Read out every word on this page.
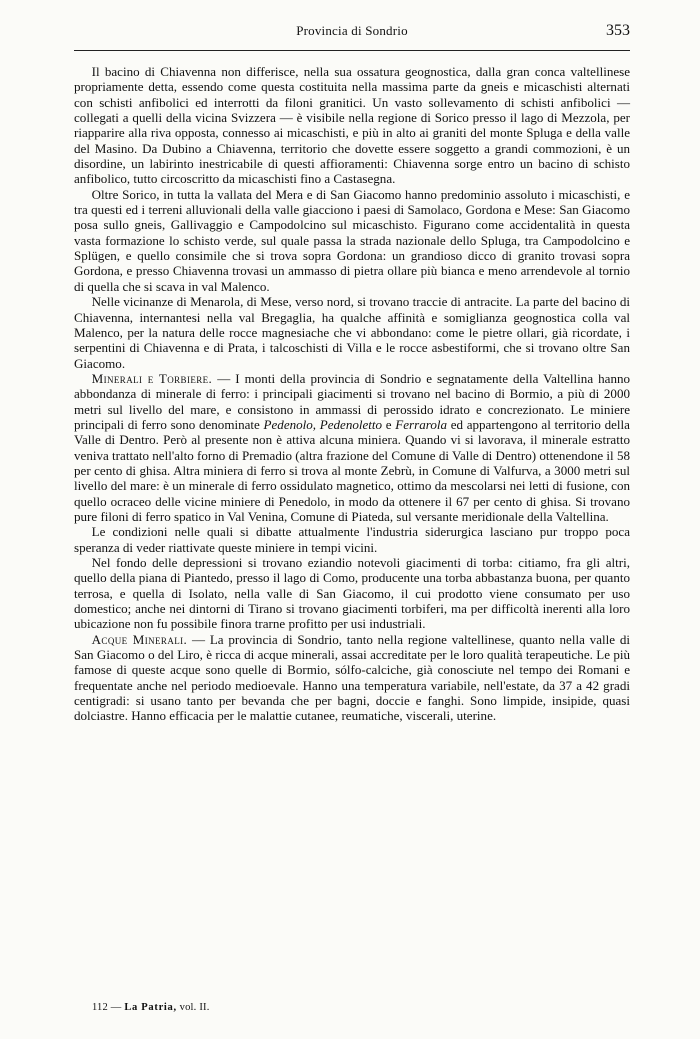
Provincia di Sondrio	353

Il bacino di Chiavenna non differisce, nella sua ossatura geognostica, dalla gran conca valtellinese propriamente detta, essendo come questa costituita nella massima parte da gneis e micaschisti alternati con schisti anfibolici ed interrotti da filoni granitici. Un vasto sollevamento di schisti anfibolici — collegati a quelli della vicina Svizzera — è visibile nella regione di Sorico presso il lago di Mezzola, per riapparire alla riva opposta, connesso ai micaschisti, e più in alto ai graniti del monte Spluga e della valle del Masino. Da Dubino a Chiavenna, territorio che dovette essere soggetto a grandi commozioni, è un disordine, un labirinto inestricabile di questi affioramenti: Chiavenna sorge entro un bacino di schisto anfibolico, tutto circoscritto da micaschisti fino a Castasegna.

Oltre Sorico, in tutta la vallata del Mera e di San Giacomo hanno predominio assoluto i micaschisti, e tra questi ed i terreni alluvionali della valle giacciono i paesi di Samolaco, Gordona e Mese: San Giacomo posa sullo gneis, Gallivaggio e Campodolcino sul micaschisto. Figurano come accidentalità in questa vasta formazione lo schisto verde, sul quale passa la strada nazionale dello Spluga, tra Campodolcino e Splügen, e quello consimile che si trova sopra Gordona: un grandioso dicco di granito trovasi sopra Gordona, e presso Chiavenna trovasi un ammasso di pietra ollare più bianca e meno arrendevole al tornio di quella che si scava in val Malenco.

Nelle vicinanze di Menarola, di Mese, verso nord, si trovano traccie di antracite. La parte del bacino di Chiavenna, internantesi nella val Bregaglia, ha qualche affinità e somiglianza geognostica colla val Malenco, per la natura delle rocce magnesiache che vi abbondano: come le pietre ollari, già ricordate, i serpentini di Chiavenna e di Prata, i talcoschisti di Villa e le rocce asbestiformi, che si trovano oltre San Giacomo.

Minerali e Torbiere. — I monti della provincia di Sondrio e segnatamente della Valtellina hanno abbondanza di minerale di ferro: i principali giacimenti si trovano nel bacino di Bormio, a più di 2000 metri sul livello del mare, e consistono in ammassi di perossido idrato e concrezionato. Le miniere principali di ferro sono denominate Pedenolo, Pedenoletto e Ferrarola ed appartengono al territorio della Valle di Dentro. Però al presente non è attiva alcuna miniera. Quando vi si lavorava, il minerale estratto veniva trattato nell'alto forno di Premadio (altra frazione del Comune di Valle di Dentro) ottenendone il 58 per cento di ghisa. Altra miniera di ferro si trova al monte Zebrù, in Comune di Valfurva, a 3000 metri sul livello del mare: è un minerale di ferro ossidulato magnetico, ottimo da mescolarsi nei letti di fusione, con quello ocraceo delle vicine miniere di Penedolo, in modo da ottenere il 67 per cento di ghisa. Si trovano pure filoni di ferro spatico in Val Venina, Comune di Piateda, sul versante meridionale della Valtellina.

Le condizioni nelle quali si dibatte attualmente l'industria siderurgica lasciano pur troppo poca speranza di veder riattivate queste miniere in tempi vicini.

Nel fondo delle depressioni si trovano eziandio notevoli giacimenti di torba: citiamo, fra gli altri, quello della piana di Piantedo, presso il lago di Como, producente una torba abbastanza buona, per quanto terrosa, e quella di Isolato, nella valle di San Giacomo, il cui prodotto viene consumato per uso domestico; anche nei dintorni di Tirano si trovano giacimenti torbiferi, ma per difficoltà inerenti alla loro ubicazione non fu possibile finora trarne profitto per usi industriali.

Acque Minerali. — La provincia di Sondrio, tanto nella regione valtellinese, quanto nella valle di San Giacomo o del Liro, è ricca di acque minerali, assai accreditate per le loro qualità terapeutiche. Le più famose di queste acque sono quelle di Bormio, sólfo-calciche, già conosciute nel tempo dei Romani e frequentate anche nel periodo medioevale. Hanno una temperatura variabile, nell'estate, da 37 a 42 gradi centigradi: si usano tanto per bevanda che per bagni, doccie e fanghi. Sono limpide, insipide, quasi dolciastre. Hanno efficacia per le malattie cutanee, reumatiche, viscerali, uterine.

112 — La Patria, vol. II.
